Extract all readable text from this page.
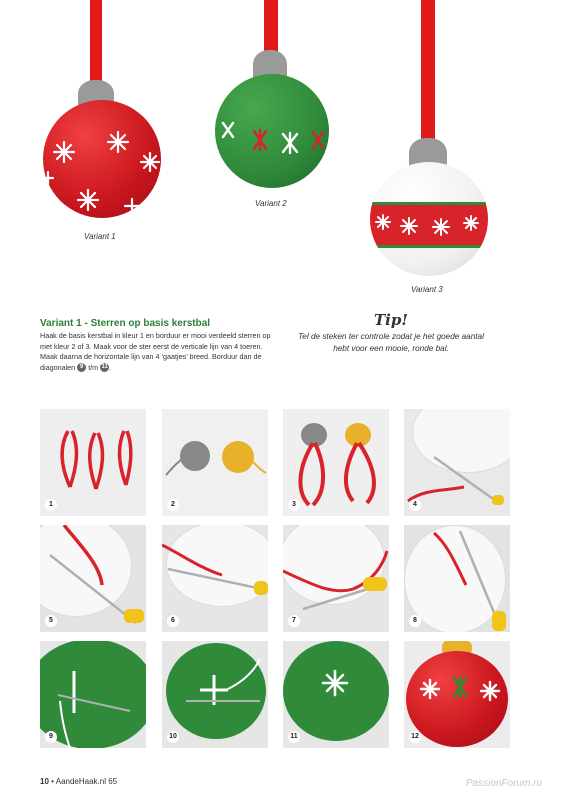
Variant 1
Variant 2
Variant 3
Variant 1 - Sterren op basis kerstbal
Haak de basis kerstbal in kleur 1 en borduur er mooi verdeeld sterren op met kleur 2 of 3. Maak voor de ster eerst de verticale lijn van 4 toeren. Maak daarna de horizontale lijn van 4 ‘gaatjes’ breed. Borduur dan de diagonalen 9 t/m 11.
Tip!
Tel de steken ter controle zodat je het goede aantal hebt voor een mooie, ronde bal.
1	2	3	4
5	6	7	8
9	10	11	12
10 • AandeHaak.nl 65	PassionForum.ru
